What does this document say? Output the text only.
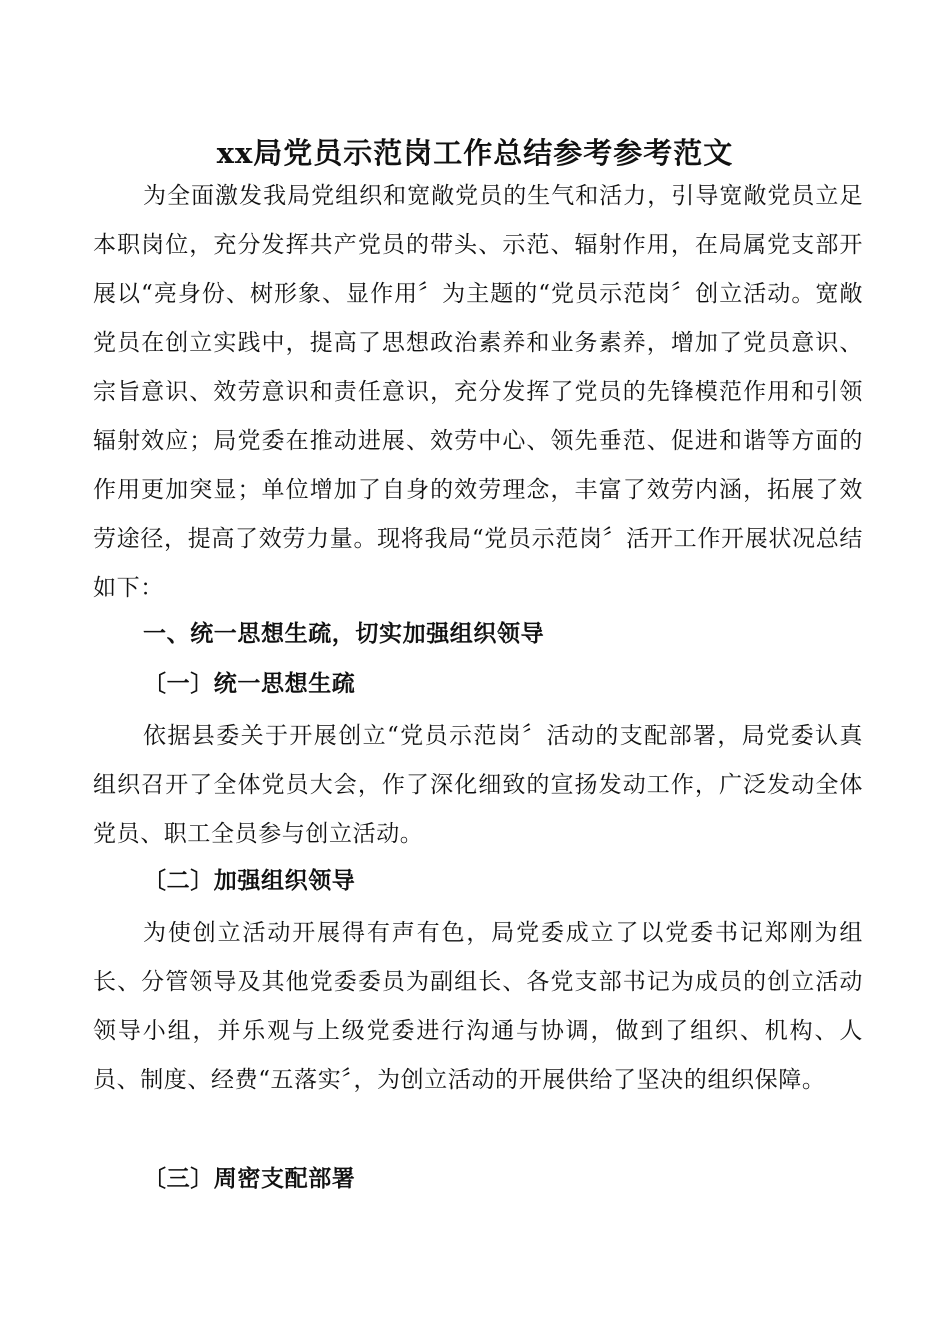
xx局党员示范岗工作总结参考参考范文

为全面激发我局党组织和宽敞党员的生气和活力，引导宽敞党员立足本职岗位，充分发挥共产党员的带头、示范、辐射作用，在局属党支部开展以“亮身份、树形象、显作用〞为主题的“党员示范岗〞创立活动。宽敞党员在创立实践中，提高了思想政治素养和业务素养，增加了党员意识、宗旨意识、效劳意识和责任意识，充分发挥了党员的先锋模范作用和引领辐射效应；局党委在推动进展、效劳中心、领先垂范、促进和谐等方面的作用更加突显；单位增加了自身的效劳理念，丰富了效劳内涵，拓展了效劳途径，提高了效劳力量。现将我局“党员示范岗〞活开工作开展状况总结如下：

一、统一思想生疏，切实加强组织领导
〔一〕统一思想生疏

依据县委关于开展创立“党员示范岗〞活动的支配部署，局党委认真组织召开了全体党员大会，作了深化细致的宣扬发动工作，广泛发动全体党员、职工全员参与创立活动。

〔二〕加强组织领导

为使创立活动开展得有声有色，局党委成立了以党委书记郑刚为组长、分管领导及其他党委委员为副组长、各党支部书记为成员的创立活动领导小组，并乐观与上级党委进行沟通与协调，做到了组织、机构、人员、制度、经费“五落实〞，为创立活动的开展供给了坚决的组织保障。

〔三〕周密支配部署
